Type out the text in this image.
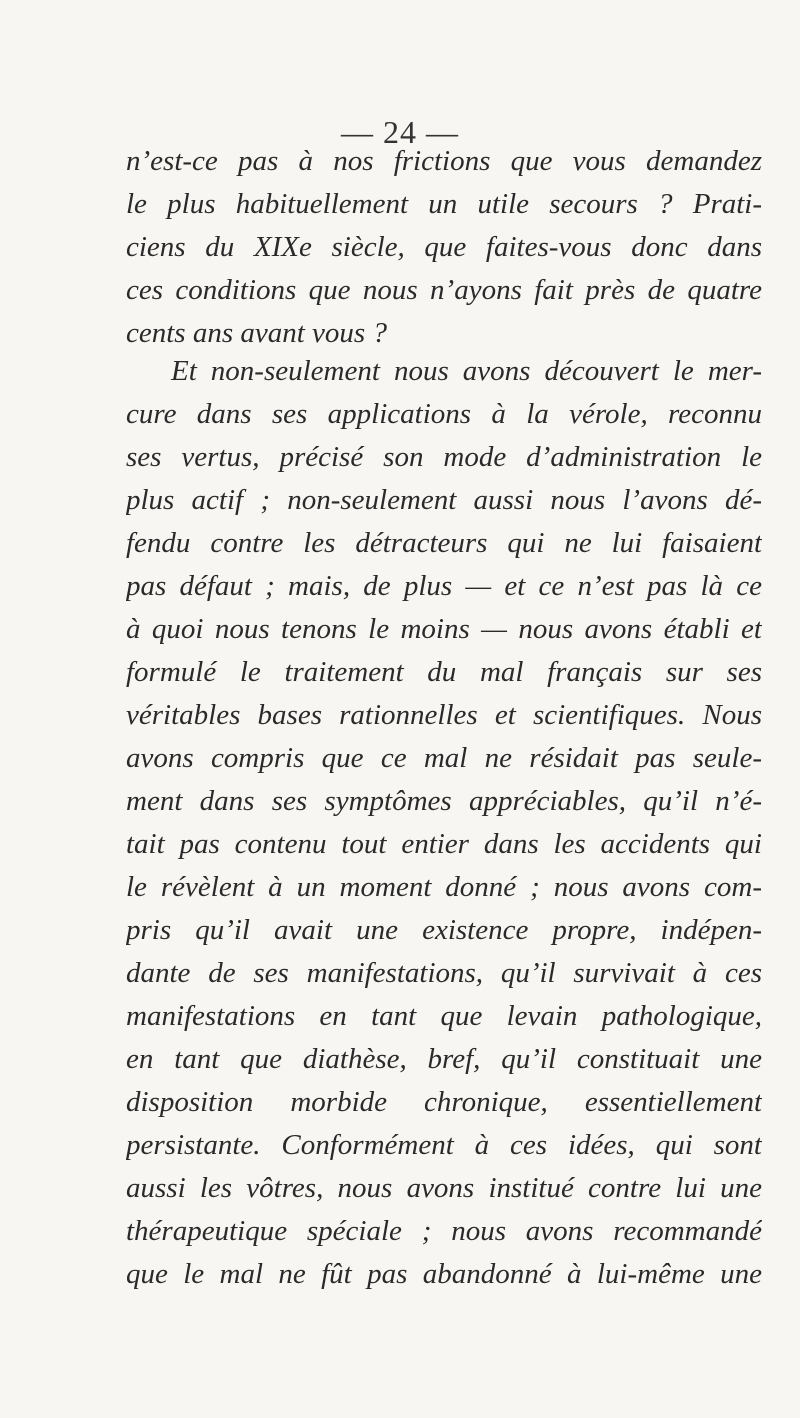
— 24 —
n’est-ce pas à nos frictions que vous demandez
le plus habituellement un utile secours ? Prati-
ciens du XIXe siècle, que faites-vous donc dans
ces conditions que nous n’ayons fait près de quatre
cents ans avant vous ?
Et non-seulement nous avons découvert le mer-
cure dans ses applications à la vérole, reconnu
ses vertus, précisé son mode d’administration le
plus actif ; non-seulement aussi nous l’avons dé-
fendu contre les détracteurs qui ne lui faisaient
pas défaut ; mais, de plus — et ce n’est pas là ce
à quoi nous tenons le moins — nous avons établi et
formulé le traitement du mal français sur ses
véritables bases rationnelles et scientifiques. Nous
avons compris que ce mal ne résidait pas seule-
ment dans ses symptômes appréciables, qu’il n’é-
tait pas contenu tout entier dans les accidents qui
le révèlent à un moment donné ; nous avons com-
pris qu’il avait une existence propre, indépen-
dante de ses manifestations, qu’il survivait à ces
manifestations en tant que levain pathologique,
en tant que diathèse, bref, qu’il constituait une
disposition morbide chronique, essentiellement
persistante. Conformément à ces idées, qui sont
aussi les vôtres, nous avons institué contre lui une
thérapeutique spéciale ; nous avons recommandé
que le mal ne fût pas abandonné à lui-même une
